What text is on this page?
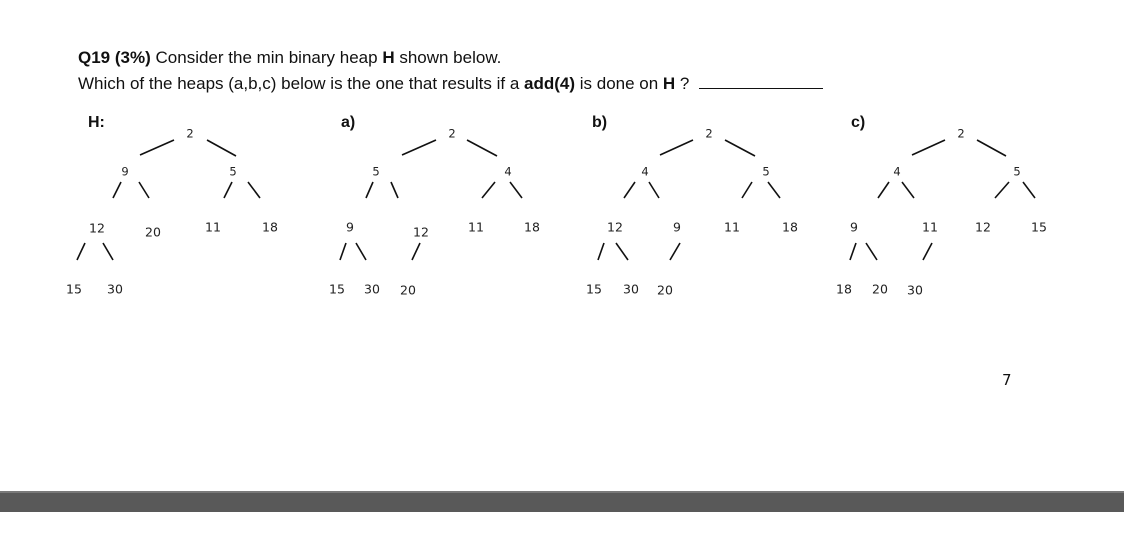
Q19 (3%) Consider the min binary heap H shown below.
Which of the heaps (a,b,c) below is the one that results if a add(4) is done on H ?
H:	a)	b)	c)
2
9	5
12	20	11	18
15 30
2
5	4
9	12	11	18
15 30 20
2
4	5
12	9	11	18
15 30 20
2
4	5
9	11	12	15
18 20 30
7
